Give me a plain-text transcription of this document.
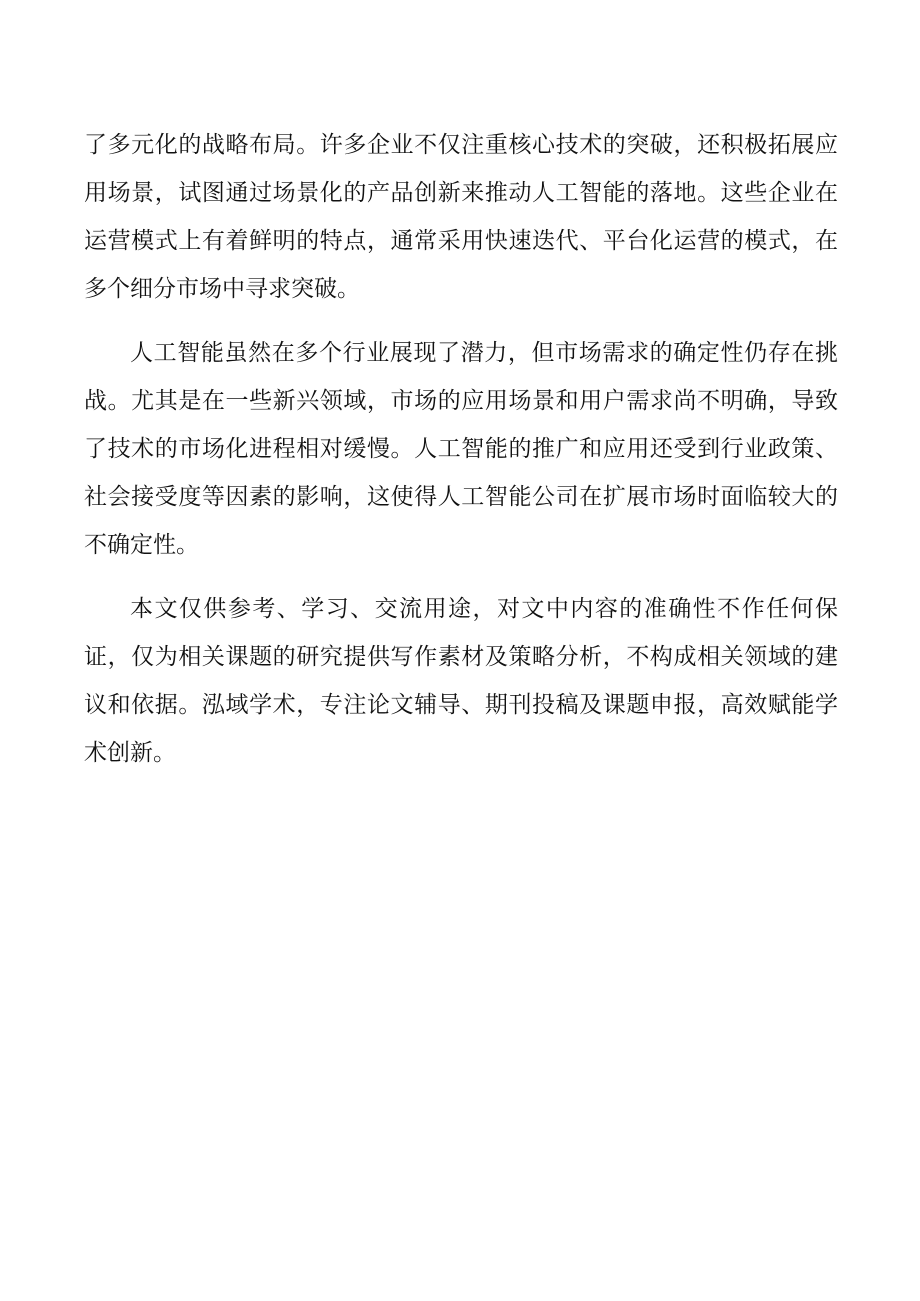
了多元化的战略布局。许多企业不仅注重核心技术的突破，还积极拓展应用场景，试图通过场景化的产品创新来推动人工智能的落地。这些企业在运营模式上有着鲜明的特点，通常采用快速迭代、平台化运营的模式，在多个细分市场中寻求突破。

人工智能虽然在多个行业展现了潜力，但市场需求的确定性仍存在挑战。尤其是在一些新兴领域，市场的应用场景和用户需求尚不明确，导致了技术的市场化进程相对缓慢。人工智能的推广和应用还受到行业政策、社会接受度等因素的影响，这使得人工智能公司在扩展市场时面临较大的不确定性。

本文仅供参考、学习、交流用途，对文中内容的准确性不作任何保证，仅为相关课题的研究提供写作素材及策略分析，不构成相关领域的建议和依据。泓域学术，专注论文辅导、期刊投稿及课题申报，高效赋能学术创新。
